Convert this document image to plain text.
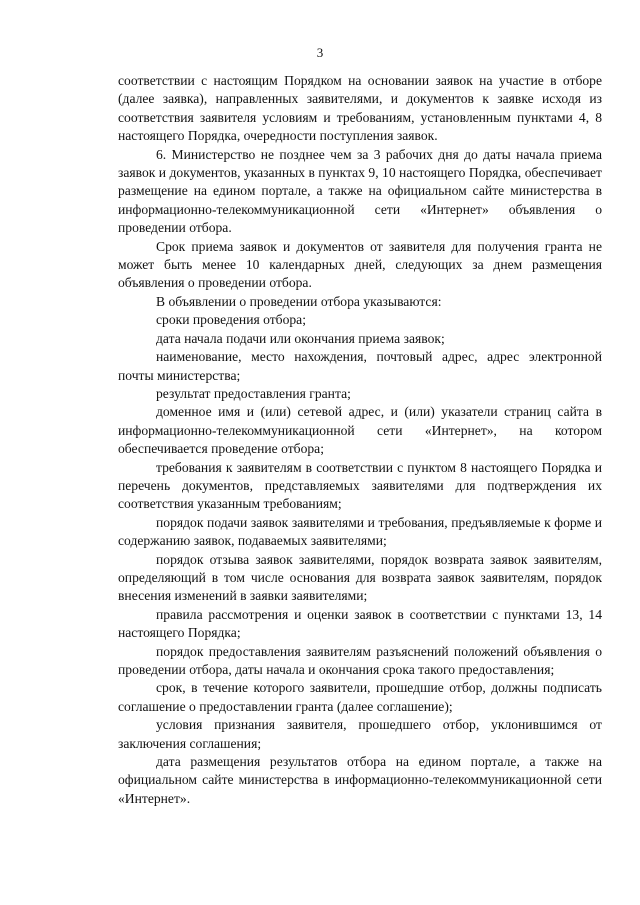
3

соответствии с настоящим Порядком на основании заявок на участие в отборе (далее заявка), направленных заявителями, и документов к заявке исходя из соответствия заявителя условиям и требованиям, установленным пунктами 4, 8 настоящего Порядка, очередности поступления заявок.

6. Министерство не позднее чем за 3 рабочих дня до даты начала приема заявок и документов, указанных в пунктах 9, 10 настоящего Порядка, обеспечивает размещение на едином портале, а также на официальном сайте министерства в информационно-телекоммуникационной сети «Интернет» объявления о проведении отбора.

Срок приема заявок и документов от заявителя для получения гранта не может быть менее 10 календарных дней, следующих за днем размещения объявления о проведении отбора.

В объявлении о проведении отбора указываются:

сроки проведения отбора;

дата начала подачи или окончания приема заявок;

наименование, место нахождения, почтовый адрес, адрес электронной почты министерства;

результат предоставления гранта;

доменное имя и (или) сетевой адрес, и (или) указатели страниц сайта в информационно-телекоммуникационной сети «Интернет», на котором обеспечивается проведение отбора;

требования к заявителям в соответствии с пунктом 8 настоящего Порядка и перечень документов, представляемых заявителями для подтверждения их соответствия указанным требованиям;

порядок подачи заявок заявителями и требования, предъявляемые к форме и содержанию заявок, подаваемых заявителями;

порядок отзыва заявок заявителями, порядок возврата заявок заявителям, определяющий в том числе основания для возврата заявок заявителям, порядок внесения изменений в заявки заявителями;

правила рассмотрения и оценки заявок в соответствии с пунктами 13, 14 настоящего Порядка;

порядок предоставления заявителям разъяснений положений объявления о проведении отбора, даты начала и окончания срока такого предоставления;

срок, в течение которого заявители, прошедшие отбор, должны подписать соглашение о предоставлении гранта (далее соглашение);

условия признания заявителя, прошедшего отбор, уклонившимся от заключения соглашения;

дата размещения результатов отбора на едином портале, а также на официальном сайте министерства в информационно-телекоммуникационной сети «Интернет».
